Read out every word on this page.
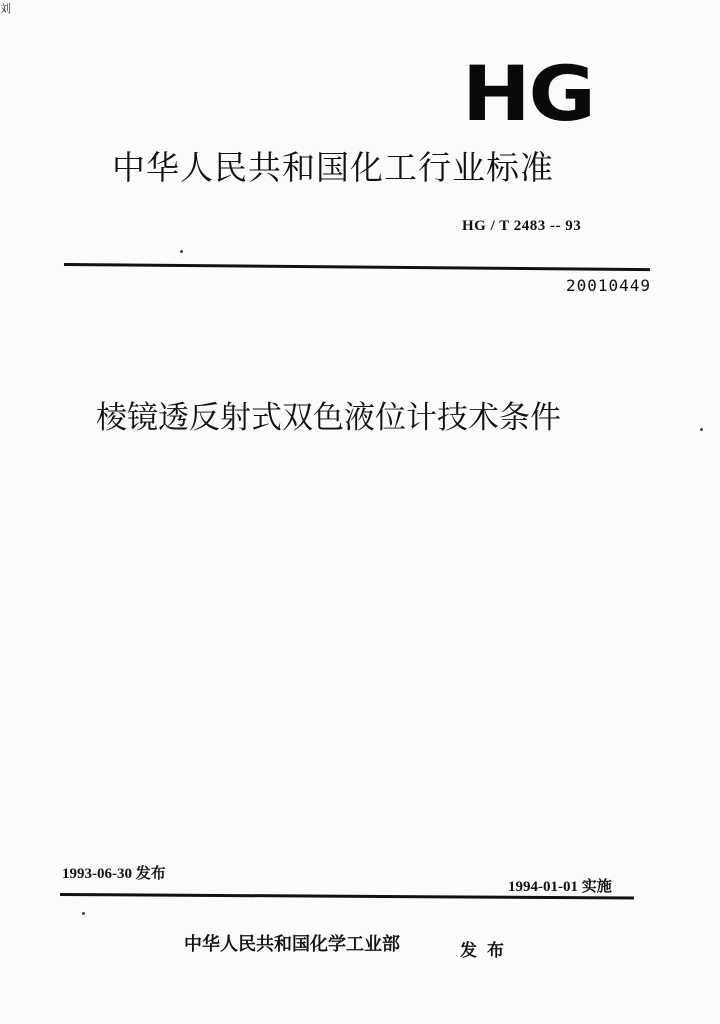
刘
HG
中华人民共和国化工行业标准
HG / T 2483 -- 93
20010449
棱镜透反射式双色液位计技术条件
1993-06-30 发布
1994-01-01 实施
中华人民共和国化学工业部	发布
